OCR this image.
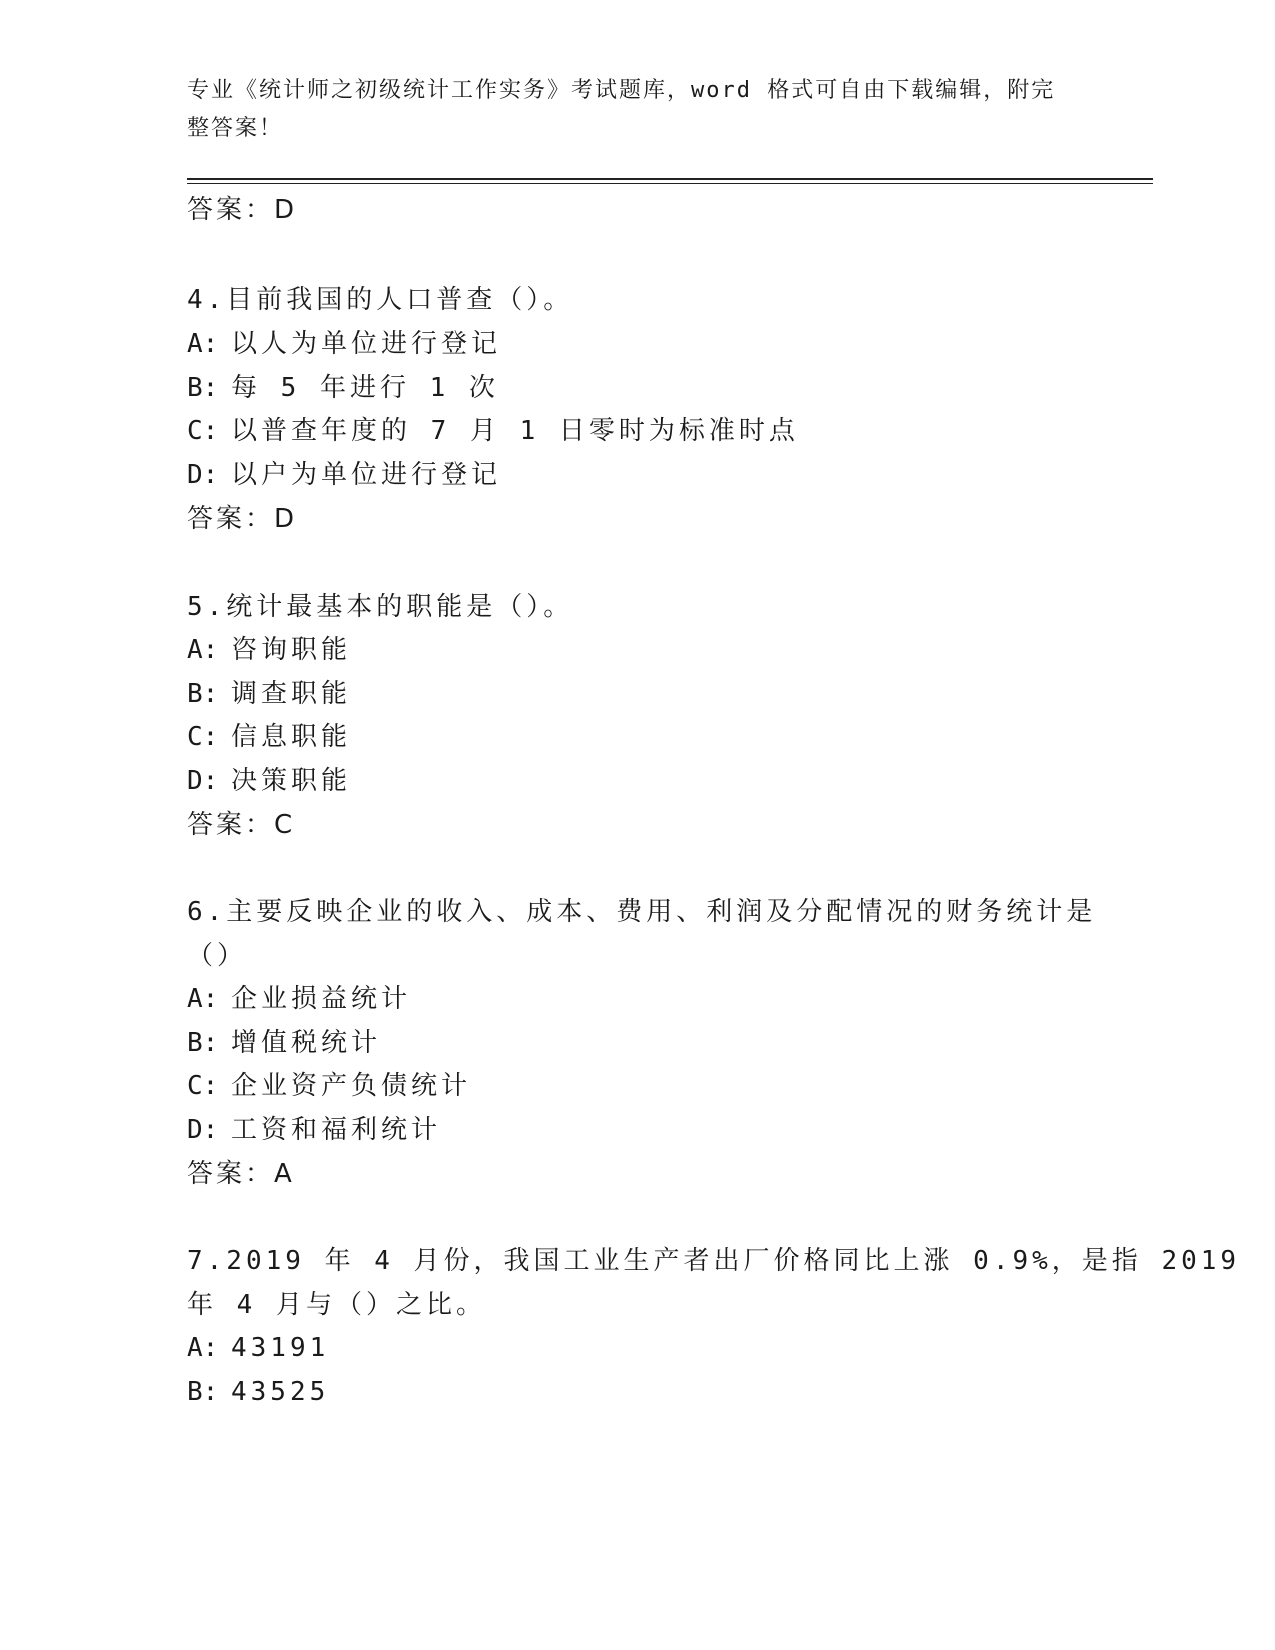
专业《统计师之初级统计工作实务》考试题库，word 格式可自由下载编辑，附完
整答案！
答案：D
4.目前我国的人口普查（）。
A: 以人为单位进行登记
B: 每 5 年进行 1 次
C: 以普查年度的 7 月 1 日零时为标准时点
D: 以户为单位进行登记
答案：D
5.统计最基本的职能是（）。
A: 咨询职能
B: 调查职能
C: 信息职能
D: 决策职能
答案：C
6.主要反映企业的收入、成本、费用、利润及分配情况的财务统计是
（）
A: 企业损益统计
B: 增值税统计
C: 企业资产负债统计
D: 工资和福利统计
答案：A
7.2019 年 4 月份，我国工业生产者出厂价格同比上涨 0.9%，是指 2019
年 4 月与（）之比。
A: 43191
B: 43525
